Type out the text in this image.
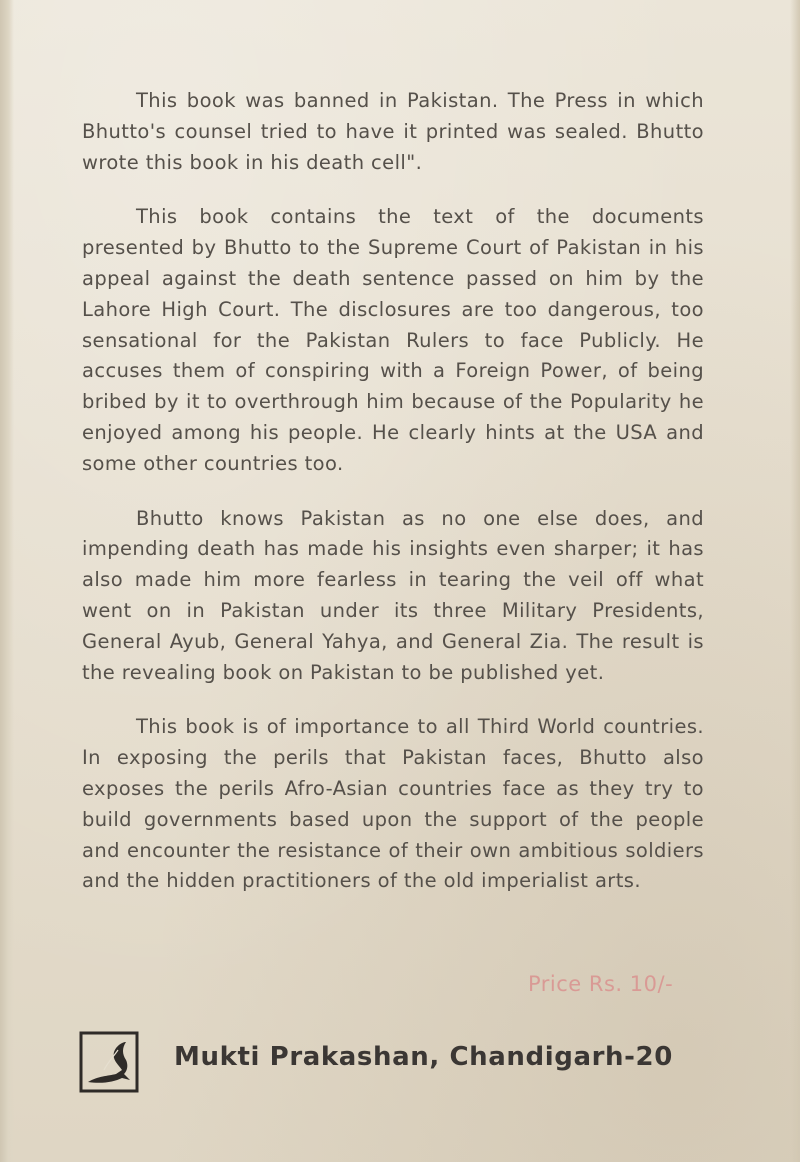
This book was banned in Pakistan. The Press in which Bhutto's counsel tried to have it printed was sealed. Bhutto wrote this book in his death cell".

This book contains the text of the documents presented by Bhutto to the Supreme Court of Pakistan in his appeal against the death sentence passed on him by the Lahore High Court. The disclosures are too dangerous, too sensational for the Pakistan Rulers to face Publicly. He accuses them of conspiring with a Foreign Power, of being bribed by it to overthrough him because of the Popularity he enjoyed among his people. He clearly hints at the USA and some other countries too.

Bhutto knows Pakistan as no one else does, and impending death has made his insights even sharper; it has also made him more fearless in tearing the veil off what went on in Pakistan under its three Military Presidents, General Ayub, General Yahya, and General Zia. The result is the revealing book on Pakistan to be published yet.

This book is of importance to all Third World countries. In exposing the perils that Pakistan faces, Bhutto also exposes the perils Afro-Asian countries face as they try to build governments based upon the support of the people and encounter the resistance of their own ambitious soldiers and the hidden practitioners of the old imperialist arts.

Price Rs. 10/-
Mukti Prakashan, Chandigarh-20
